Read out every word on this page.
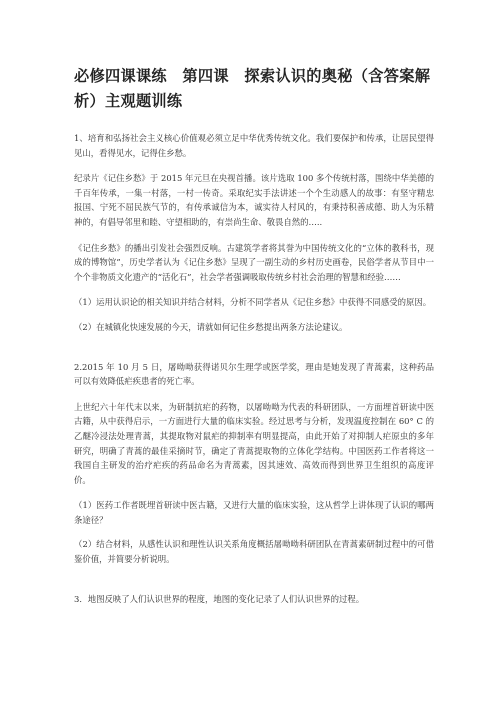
必修四课课练　第四课　探索认识的奥秘（含答案解析）主观题训练

1、培育和弘扬社会主义核心价值观必须立足中华优秀传统文化。我们要保护和传承，让居民望得见山，看得见水，记得住乡愁。

纪录片《记住乡愁》于 2015 年元旦在央视首播。该片选取 100 多个传统村落，围绕中华美德的千百年传承，一集一村落，一村一传奇。采取纪实手法讲述一个个生动感人的故事：有坚守精忠报国、宁死不屈民族气节的，有传承诚信为本，诚实待人村风的，有秉持积善成德、助人为乐精神的，有倡导邻里和睦、守望相助的，有崇尚生命、敬畏自然的…..

《记住乡愁》的播出引发社会强烈反响。古建筑学者将其誉为中国传统文化的“立体的教科书，现成的博物馆”，历史学者认为《记住乡愁》呈现了一副生动的乡村历史画卷，民俗学者从节目中一个个非物质文化遗产的“活化石”，社会学者强调吸取传统乡村社会治理的智慧和经验……

（1）运用认识论的相关知识并结合材料，分析不同学者从《记住乡愁》中获得不同感受的原因。

（2）在城镇化快速发展的今天，请就如何记住乡愁提出两条方法论建议。

2.2015 年 10 月 5 日，屠呦呦获得诺贝尔生理学或医学奖，理由是她发现了青蒿素，这种药品可以有效降低疟疾患者的死亡率。

上世纪六十年代末以来，为研制抗疟的药物，以屠呦呦为代表的科研团队，一方面埋首研读中医古籍，从中获得启示，一方面进行大量的临床实验。经过思考与分析，发现温度控制在 60° C 的乙醚冷浸法处理青蒿，其提取物对鼠疟的抑制率有明显提高，由此开始了对抑制人疟原虫的多年研究，明确了青蒿的最佳采摘时节，确定了青蒿提取物的立体化学结构。中国医药工作者将这一我国自主研发的治疗疟疾的药品命名为青蒿素，因其速效、高效而得到世界卫生组织的高度评价。

（1）医药工作者既埋首研读中医古籍，又进行大量的临床实验，这从哲学上讲体现了认识的哪两条途径？

（2）结合材料，从感性认识和理性认识关系角度概括屠呦呦科研团队在青蒿素研制过程中的可借鉴价值，并简要分析说明。

3．地图反映了人们认识世界的程度，地图的变化记录了人们认识世界的过程。
